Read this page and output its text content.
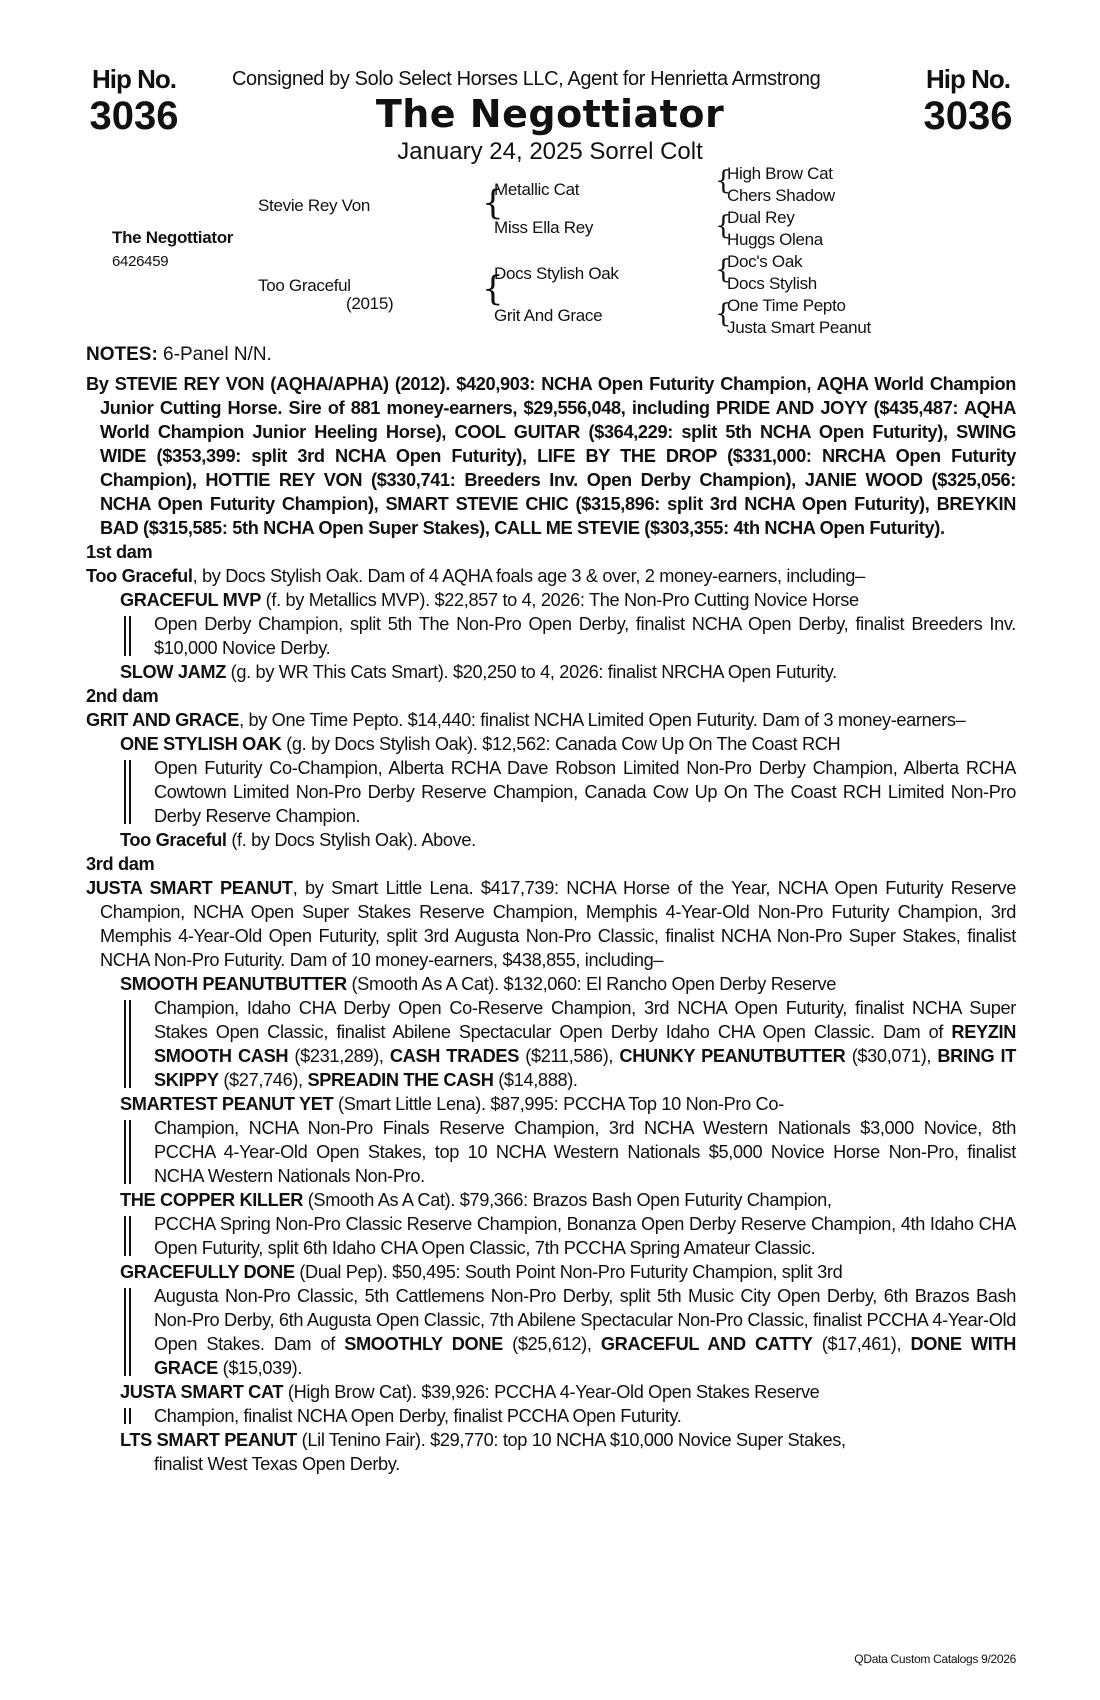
Hip No.
3036
Hip No.
3036
Consigned by Solo Select Horses LLC, Agent for Henrietta Armstrong
The Negottiator
January 24, 2025 Sorrel Colt
The Negottiator
6426459
Stevie Rey Von
Too Graceful
(2015)
{
Metallic Cat
Miss Ella Rey
{
Docs Stylish Oak
Grit And Grace
{
High Brow Cat
Chers Shadow
{
Dual Rey
Huggs Olena
{
Doc's Oak
Docs Stylish
{
One Time Pepto
Justa Smart Peanut
NOTES: 6-Panel N/N.

By STEVIE REY VON (AQHA/APHA) (2012). $420,903: NCHA Open Futurity Champion, AQHA World Champion Junior Cutting Horse. Sire of 881 money-earners, $29,556,048, including PRIDE AND JOYY ($435,487: AQHA World Champion Junior Heeling Horse), COOL GUITAR ($364,229: split 5th NCHA Open Futurity), SWING WIDE ($353,399: split 3rd NCHA Open Futurity), LIFE BY THE DROP ($331,000: NRCHA Open Futurity Champion), HOTTIE REY VON ($330,741: Breeders Inv. Open Derby Champion), JANIE WOOD ($325,056: NCHA Open Futurity Champion), SMART STEVIE CHIC ($315,896: split 3rd NCHA Open Futurity), BREYKIN BAD ($315,585: 5th NCHA Open Super Stakes), CALL ME STEVIE ($303,355: 4th NCHA Open Futurity).

1st dam

Too Graceful, by Docs Stylish Oak. Dam of 4 AQHA foals age 3 & over, 2 money-earners, including–

GRACEFUL MVP (f. by Metallics MVP). $22,857 to 4, 2026: The Non-Pro Cutting Novice Horse

Open Derby Champion, split 5th The Non-Pro Open Derby, finalist NCHA Open Derby, finalist Breeders Inv. $10,000 Novice Derby.

SLOW JAMZ (g. by WR This Cats Smart). $20,250 to 4, 2026: finalist NRCHA Open Futurity.

2nd dam

GRIT AND GRACE, by One Time Pepto. $14,440: finalist NCHA Limited Open Futurity. Dam of 3 money-earners–

ONE STYLISH OAK (g. by Docs Stylish Oak). $12,562: Canada Cow Up On The Coast RCH

Open Futurity Co-Champion, Alberta RCHA Dave Robson Limited Non-Pro Derby Champion, Alberta RCHA Cowtown Limited Non-Pro Derby Reserve Champion, Canada Cow Up On The Coast RCH Limited Non-Pro Derby Reserve Champion.

Too Graceful (f. by Docs Stylish Oak). Above.

3rd dam

JUSTA SMART PEANUT, by Smart Little Lena. $417,739: NCHA Horse of the Year, NCHA Open Futurity Reserve Champion, NCHA Open Super Stakes Reserve Champion, Memphis 4-Year-Old Non-Pro Futurity Champion, 3rd Memphis 4-Year-Old Open Futurity, split 3rd Augusta Non-Pro Classic, finalist NCHA Non-Pro Super Stakes, finalist NCHA Non-Pro Futurity. Dam of 10 money-earners, $438,855, including–

SMOOTH PEANUTBUTTER (Smooth As A Cat). $132,060: El Rancho Open Derby Reserve

Champion, Idaho CHA Derby Open Co-Reserve Champion, 3rd NCHA Open Futurity, finalist NCHA Super Stakes Open Classic, finalist Abilene Spectacular Open Derby Idaho CHA Open Classic. Dam of REYZIN SMOOTH CASH ($231,289), CASH TRADES ($211,586), CHUNKY PEANUTBUTTER ($30,071), BRING IT SKIPPY ($27,746), SPREADIN THE CASH ($14,888).

SMARTEST PEANUT YET (Smart Little Lena). $87,995: PCCHA Top 10 Non-Pro Co-

Champion, NCHA Non-Pro Finals Reserve Champion, 3rd NCHA Western Nationals $3,000 Novice, 8th PCCHA 4-Year-Old Open Stakes, top 10 NCHA Western Nationals $5,000 Novice Horse Non-Pro, finalist NCHA Western Nationals Non-Pro.

THE COPPER KILLER (Smooth As A Cat). $79,366: Brazos Bash Open Futurity Champion,

PCCHA Spring Non-Pro Classic Reserve Champion, Bonanza Open Derby Reserve Champion, 4th Idaho CHA Open Futurity, split 6th Idaho CHA Open Classic, 7th PCCHA Spring Amateur Classic.

GRACEFULLY DONE (Dual Pep). $50,495: South Point Non-Pro Futurity Champion, split 3rd

Augusta Non-Pro Classic, 5th Cattlemens Non-Pro Derby, split 5th Music City Open Derby, 6th Brazos Bash Non-Pro Derby, 6th Augusta Open Classic, 7th Abilene Spectacular Non-Pro Classic, finalist PCCHA 4-Year-Old Open Stakes. Dam of SMOOTHLY DONE ($25,612), GRACEFUL AND CATTY ($17,461), DONE WITH GRACE ($15,039).

JUSTA SMART CAT (High Brow Cat). $39,926: PCCHA 4-Year-Old Open Stakes Reserve

Champion, finalist NCHA Open Derby, finalist PCCHA Open Futurity.

LTS SMART PEANUT (Lil Tenino Fair). $29,770: top 10 NCHA $10,000 Novice Super Stakes,

finalist West Texas Open Derby.

QData Custom Catalogs 9/2026
